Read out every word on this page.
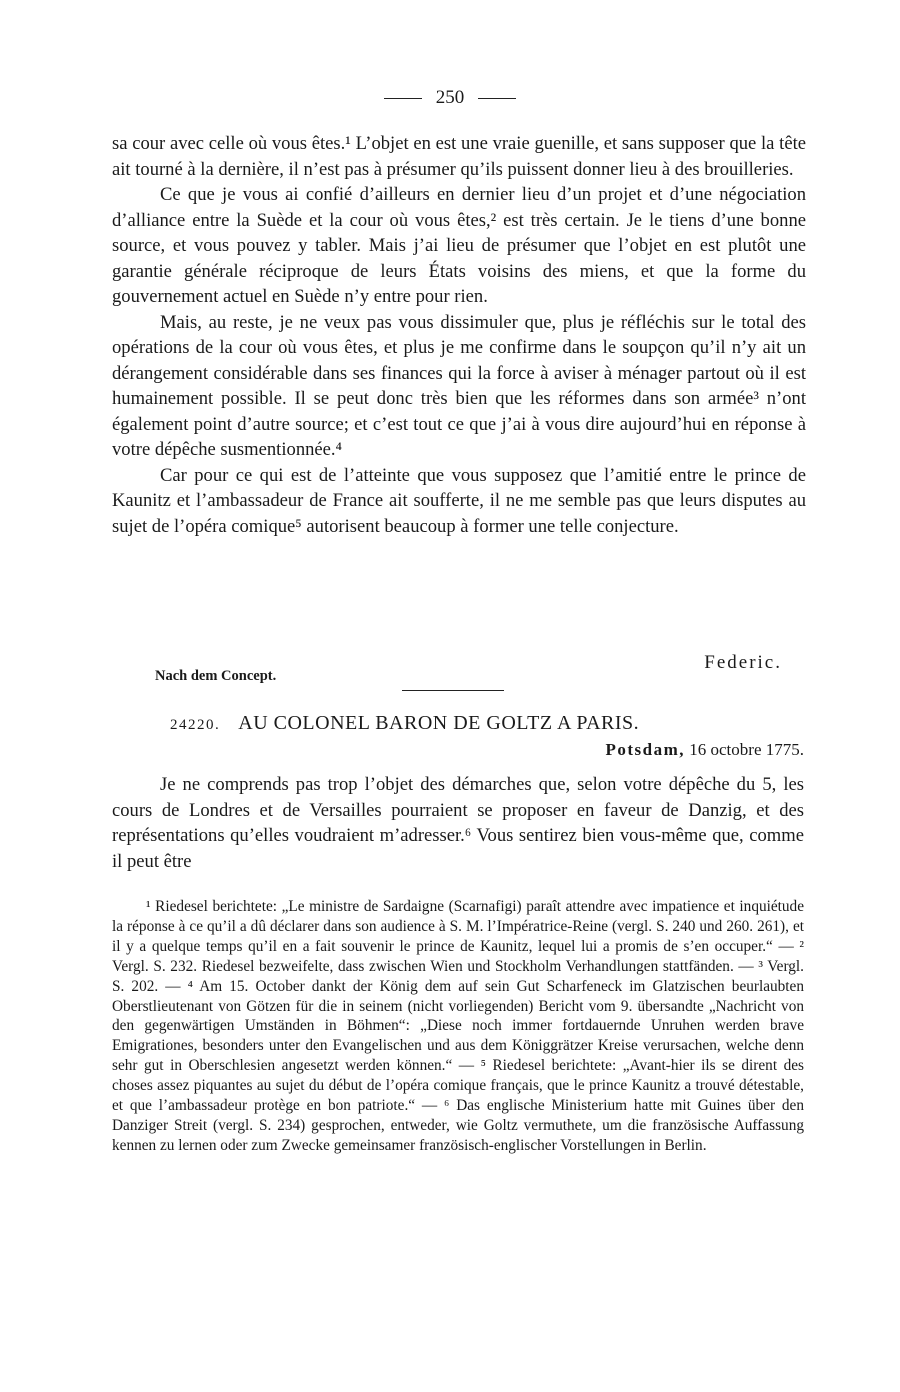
250

sa cour avec celle où vous êtes.¹ L’objet en est une vraie guenille, et sans supposer que la tête ait tourné à la dernière, il n’est pas à présumer qu’ils puissent donner lieu à des brouilleries.

Ce que je vous ai confié d’ailleurs en dernier lieu d’un projet et d’une négociation d’alliance entre la Suède et la cour où vous êtes,² est très certain. Je le tiens d’une bonne source, et vous pouvez y tabler. Mais j’ai lieu de présumer que l’objet en est plutôt une garantie générale réciproque de leurs États voisins des miens, et que la forme du gouvernement actuel en Suède n’y entre pour rien.

Mais, au reste, je ne veux pas vous dissimuler que, plus je réfléchis sur le total des opérations de la cour où vous êtes, et plus je me confirme dans le soupçon qu’il n’y ait un dérangement considérable dans ses finances qui la force à aviser à ménager partout où il est humainement possible. Il se peut donc très bien que les réformes dans son armée³ n’ont également point d’autre source; et c’est tout ce que j’ai à vous dire aujourd’hui en réponse à votre dépêche susmentionnée.⁴

Car pour ce qui est de l’atteinte que vous supposez que l’amitié entre le prince de Kaunitz et l’ambassadeur de France ait soufferte, il ne me semble pas que leurs disputes au sujet de l’opéra comique⁵ autorisent beaucoup à former une telle conjecture.

Federic.
Nach dem Concept.
24220. AU COLONEL BARON DE GOLTZ A PARIS.
Potsdam, 16 octobre 1775.

Je ne comprends pas trop l’objet des démarches que, selon votre dépêche du 5, les cours de Londres et de Versailles pourraient se proposer en faveur de Danzig, et des représentations qu’elles voudraient m’adresser.⁶ Vous sentirez bien vous-même que, comme il peut être

¹ Riedesel berichtete: „Le ministre de Sardaigne (Scarnafigi) paraît attendre avec impatience et inquiétude la réponse à ce qu’il a dû déclarer dans son audience à S. M. l’Impératrice-Reine (vergl. S. 240 und 260. 261), et il y a quelque temps qu’il en a fait souvenir le prince de Kaunitz, lequel lui a promis de s’en occuper.“ — ² Vergl. S. 232. Riedesel bezweifelte, dass zwischen Wien und Stockholm Verhandlungen stattfänden. — ³ Vergl. S. 202. — ⁴ Am 15. October dankt der König dem auf sein Gut Scharfeneck im Glatzischen beurlaubten Oberstlieutenant von Götzen für die in seinem (nicht vorliegenden) Bericht vom 9. übersandte „Nachricht von den gegenwärtigen Umständen in Böhmen“: „Diese noch immer fortdauernde Unruhen werden brave Emigrationes, besonders unter den Evangelischen und aus dem Königgrätzer Kreise verursachen, welche denn sehr gut in Oberschlesien angesetzt werden können.“ — ⁵ Riedesel berichtete: „Avant-hier ils se dirent des choses assez piquantes au sujet du début de l’opéra comique français, que le prince Kaunitz a trouvé détestable, et que l’ambassadeur protège en bon patriote.“ — ⁶ Das englische Ministerium hatte mit Guines über den Danziger Streit (vergl. S. 234) gesprochen, entweder, wie Goltz vermuthete, um die französische Auffassung kennen zu lernen oder zum Zwecke gemeinsamer französisch-englischer Vorstellungen in Berlin.
